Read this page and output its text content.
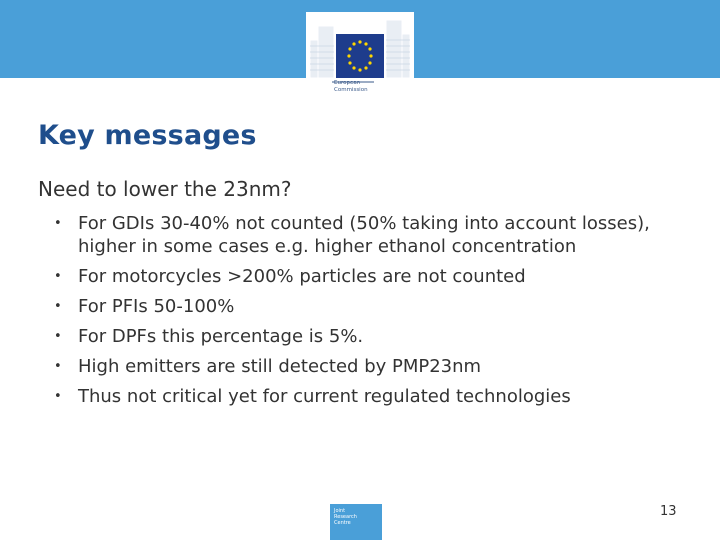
European
Commission
Key messages
Need to lower the 23nm?
• For GDIs 30-40% not counted (50% taking into account losses), higher in some cases e.g. higher ethanol concentration
• For motorcycles >200% particles are not counted
• For PFIs 50-100%
• For DPFs this percentage is 5%.
• High emitters are still detected by PMP23nm
• Thus not critical yet for current regulated technologies
Joint
Research
Centre
13
